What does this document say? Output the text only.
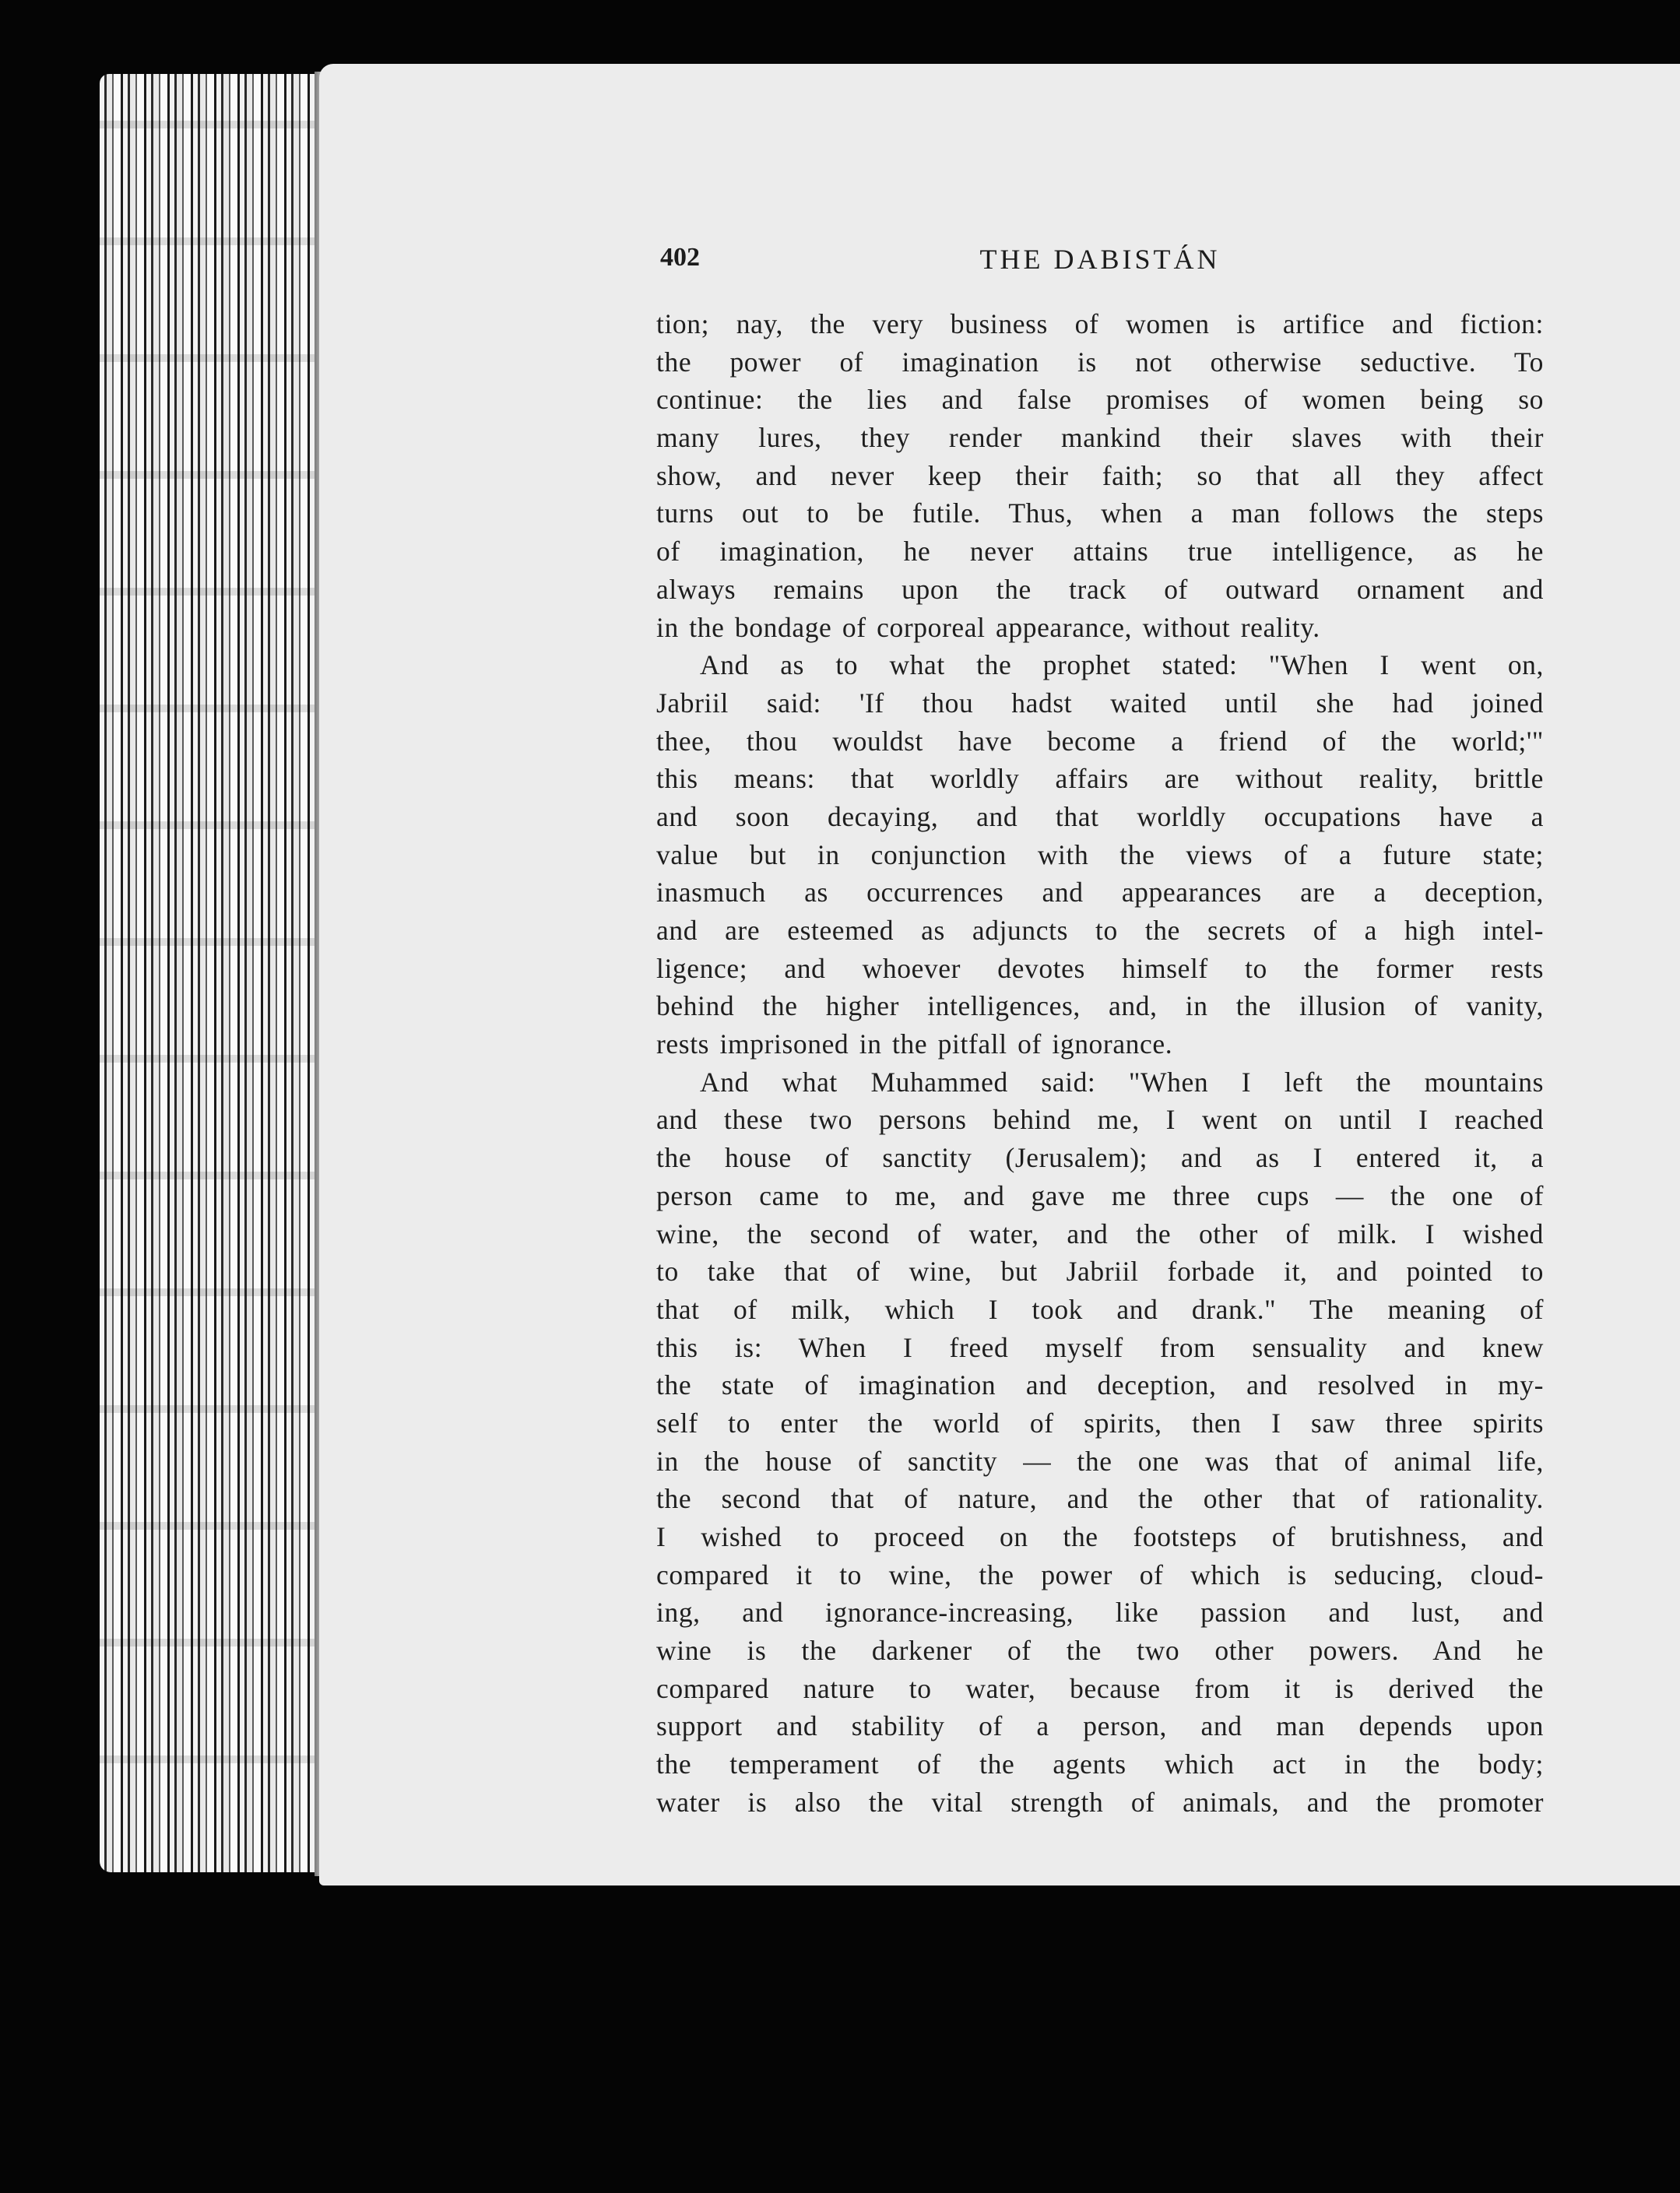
402	THE DABISTÁN
tion; nay, the very business of women is artifice and fiction:
the power of imagination is not otherwise seductive. To
continue: the lies and false promises of women being so
many lures, they render mankind their slaves with their
show, and never keep their faith; so that all they affect
turns out to be futile. Thus, when a man follows the steps
of imagination, he never attains true intelligence, as he
always remains upon the track of outward ornament and
in the bondage of corporeal appearance, without reality.
And as to what the prophet stated: "When I went on,
Jabriil said: 'If thou hadst waited until she had joined
thee, thou wouldst have become a friend of the world;'"
this means: that worldly affairs are without reality, brittle
and soon decaying, and that worldly occupations have a
value but in conjunction with the views of a future state;
inasmuch as occurrences and appearances are a deception,
and are esteemed as adjuncts to the secrets of a high intel-
ligence; and whoever devotes himself to the former rests
behind the higher intelligences, and, in the illusion of vanity,
rests imprisoned in the pitfall of ignorance.
And what Muhammed said: "When I left the mountains
and these two persons behind me, I went on until I reached
the house of sanctity (Jerusalem); and as I entered it, a
person came to me, and gave me three cups — the one of
wine, the second of water, and the other of milk. I wished
to take that of wine, but Jabriil forbade it, and pointed to
that of milk, which I took and drank." The meaning of
this is: When I freed myself from sensuality and knew
the state of imagination and deception, and resolved in my-
self to enter the world of spirits, then I saw three spirits
in the house of sanctity — the one was that of animal life,
the second that of nature, and the other that of rationality.
I wished to proceed on the footsteps of brutishness, and
compared it to wine, the power of which is seducing, cloud-
ing, and ignorance-increasing, like passion and lust, and
wine is the darkener of the two other powers. And he
compared nature to water, because from it is derived the
support and stability of a person, and man depends upon
the temperament of the agents which act in the body;
water is also the vital strength of animals, and the promoter
